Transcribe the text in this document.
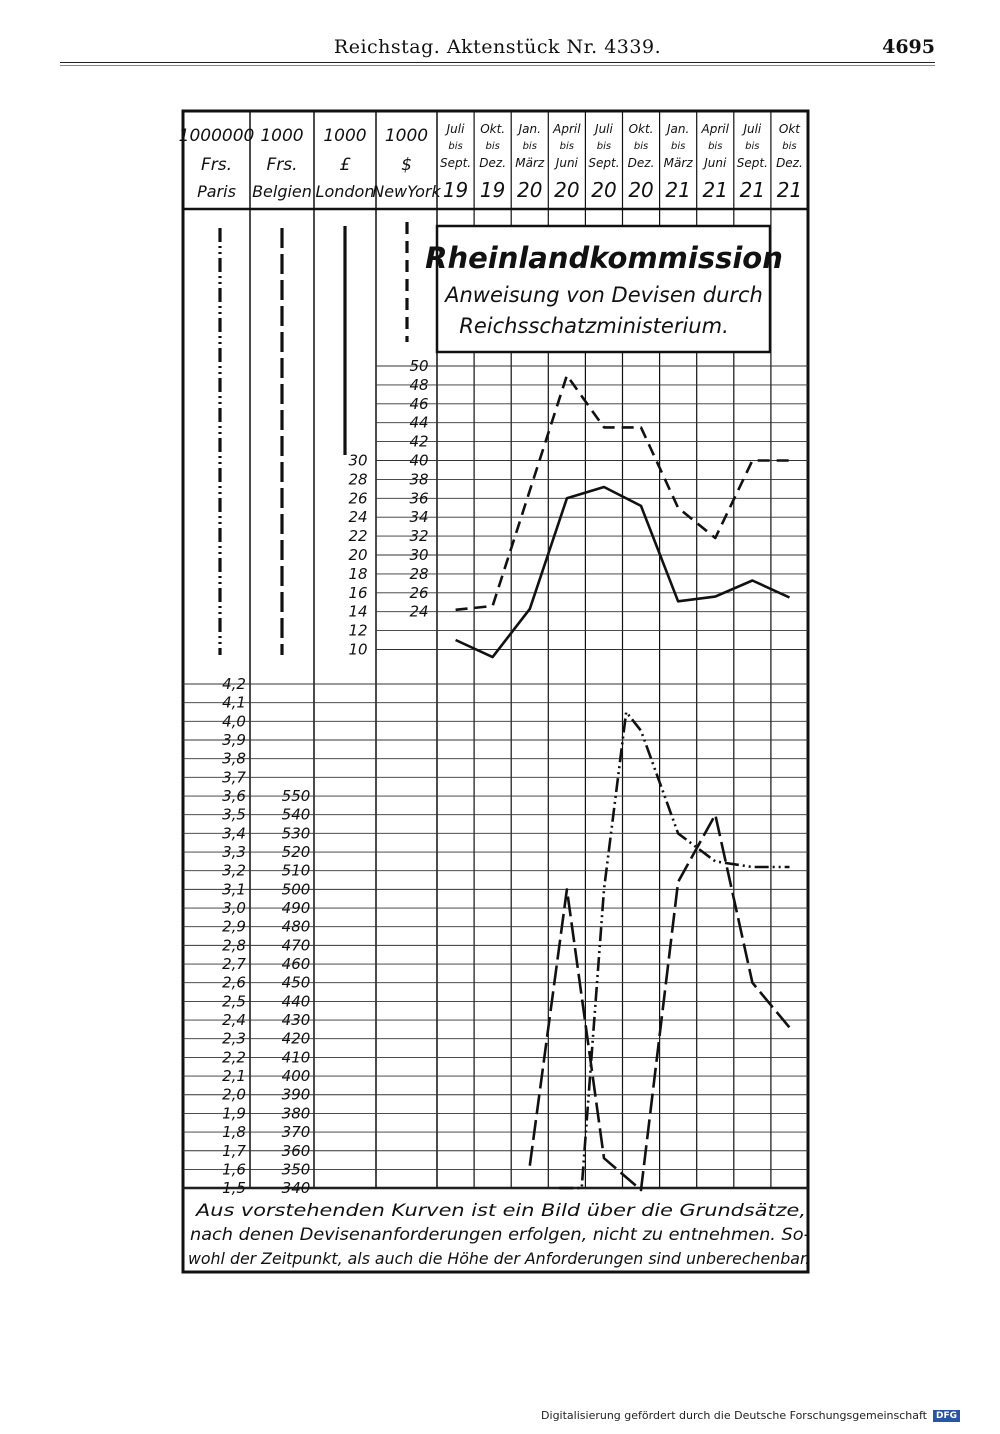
Reichstag. Aktenstück Nr. 4339.	4695
1000000
Frs.
Paris
1000
Frs.
Belgien
1000
£
London
1000
$
NewYork
Juli
bis
Sept.
19
Okt.
bis
Dez.
19
Jan.
bis
März
20
April
bis
Juni
20
Juli
bis
Sept.
20
Okt.
bis
Dez.
20
Jan.
bis
März
21
April
bis
Juni
21
Juli
bis
Sept.
21
Okt
bis
Dez.
21
50
48
46
44
42
40
38
36
34
32
30
28
26
24
30
28
26
24
22
20
18
16
14
12
10
4,2
4,1
4,0
3,9
3,8
3,7
3,6
3,5
3,4
3,3
3,2
3,1
3,0
2,9
2,8
2,7
2,6
2,5
2,4
2,3
2,2
2,1
2,0
1,9
1,8
1,7
1,6
1,5
550
540
530
520
510
500
490
480
470
460
450
440
430
420
410
400
390
380
370
360
350
340
Rheinlandkommission
Anweisung von Devisen durch
Reichsschatzministerium.
Aus vorstehenden Kurven ist ein Bild über die Grundsätze,
nach denen Devisenanforderungen erfolgen, nicht zu entnehmen. So-
wohl der Zeitpunkt, als auch die Höhe der Anforderungen sind unberechenbar.
Digitalisierung gefördert durch die Deutsche Forschungsgemeinschaft	DFG
